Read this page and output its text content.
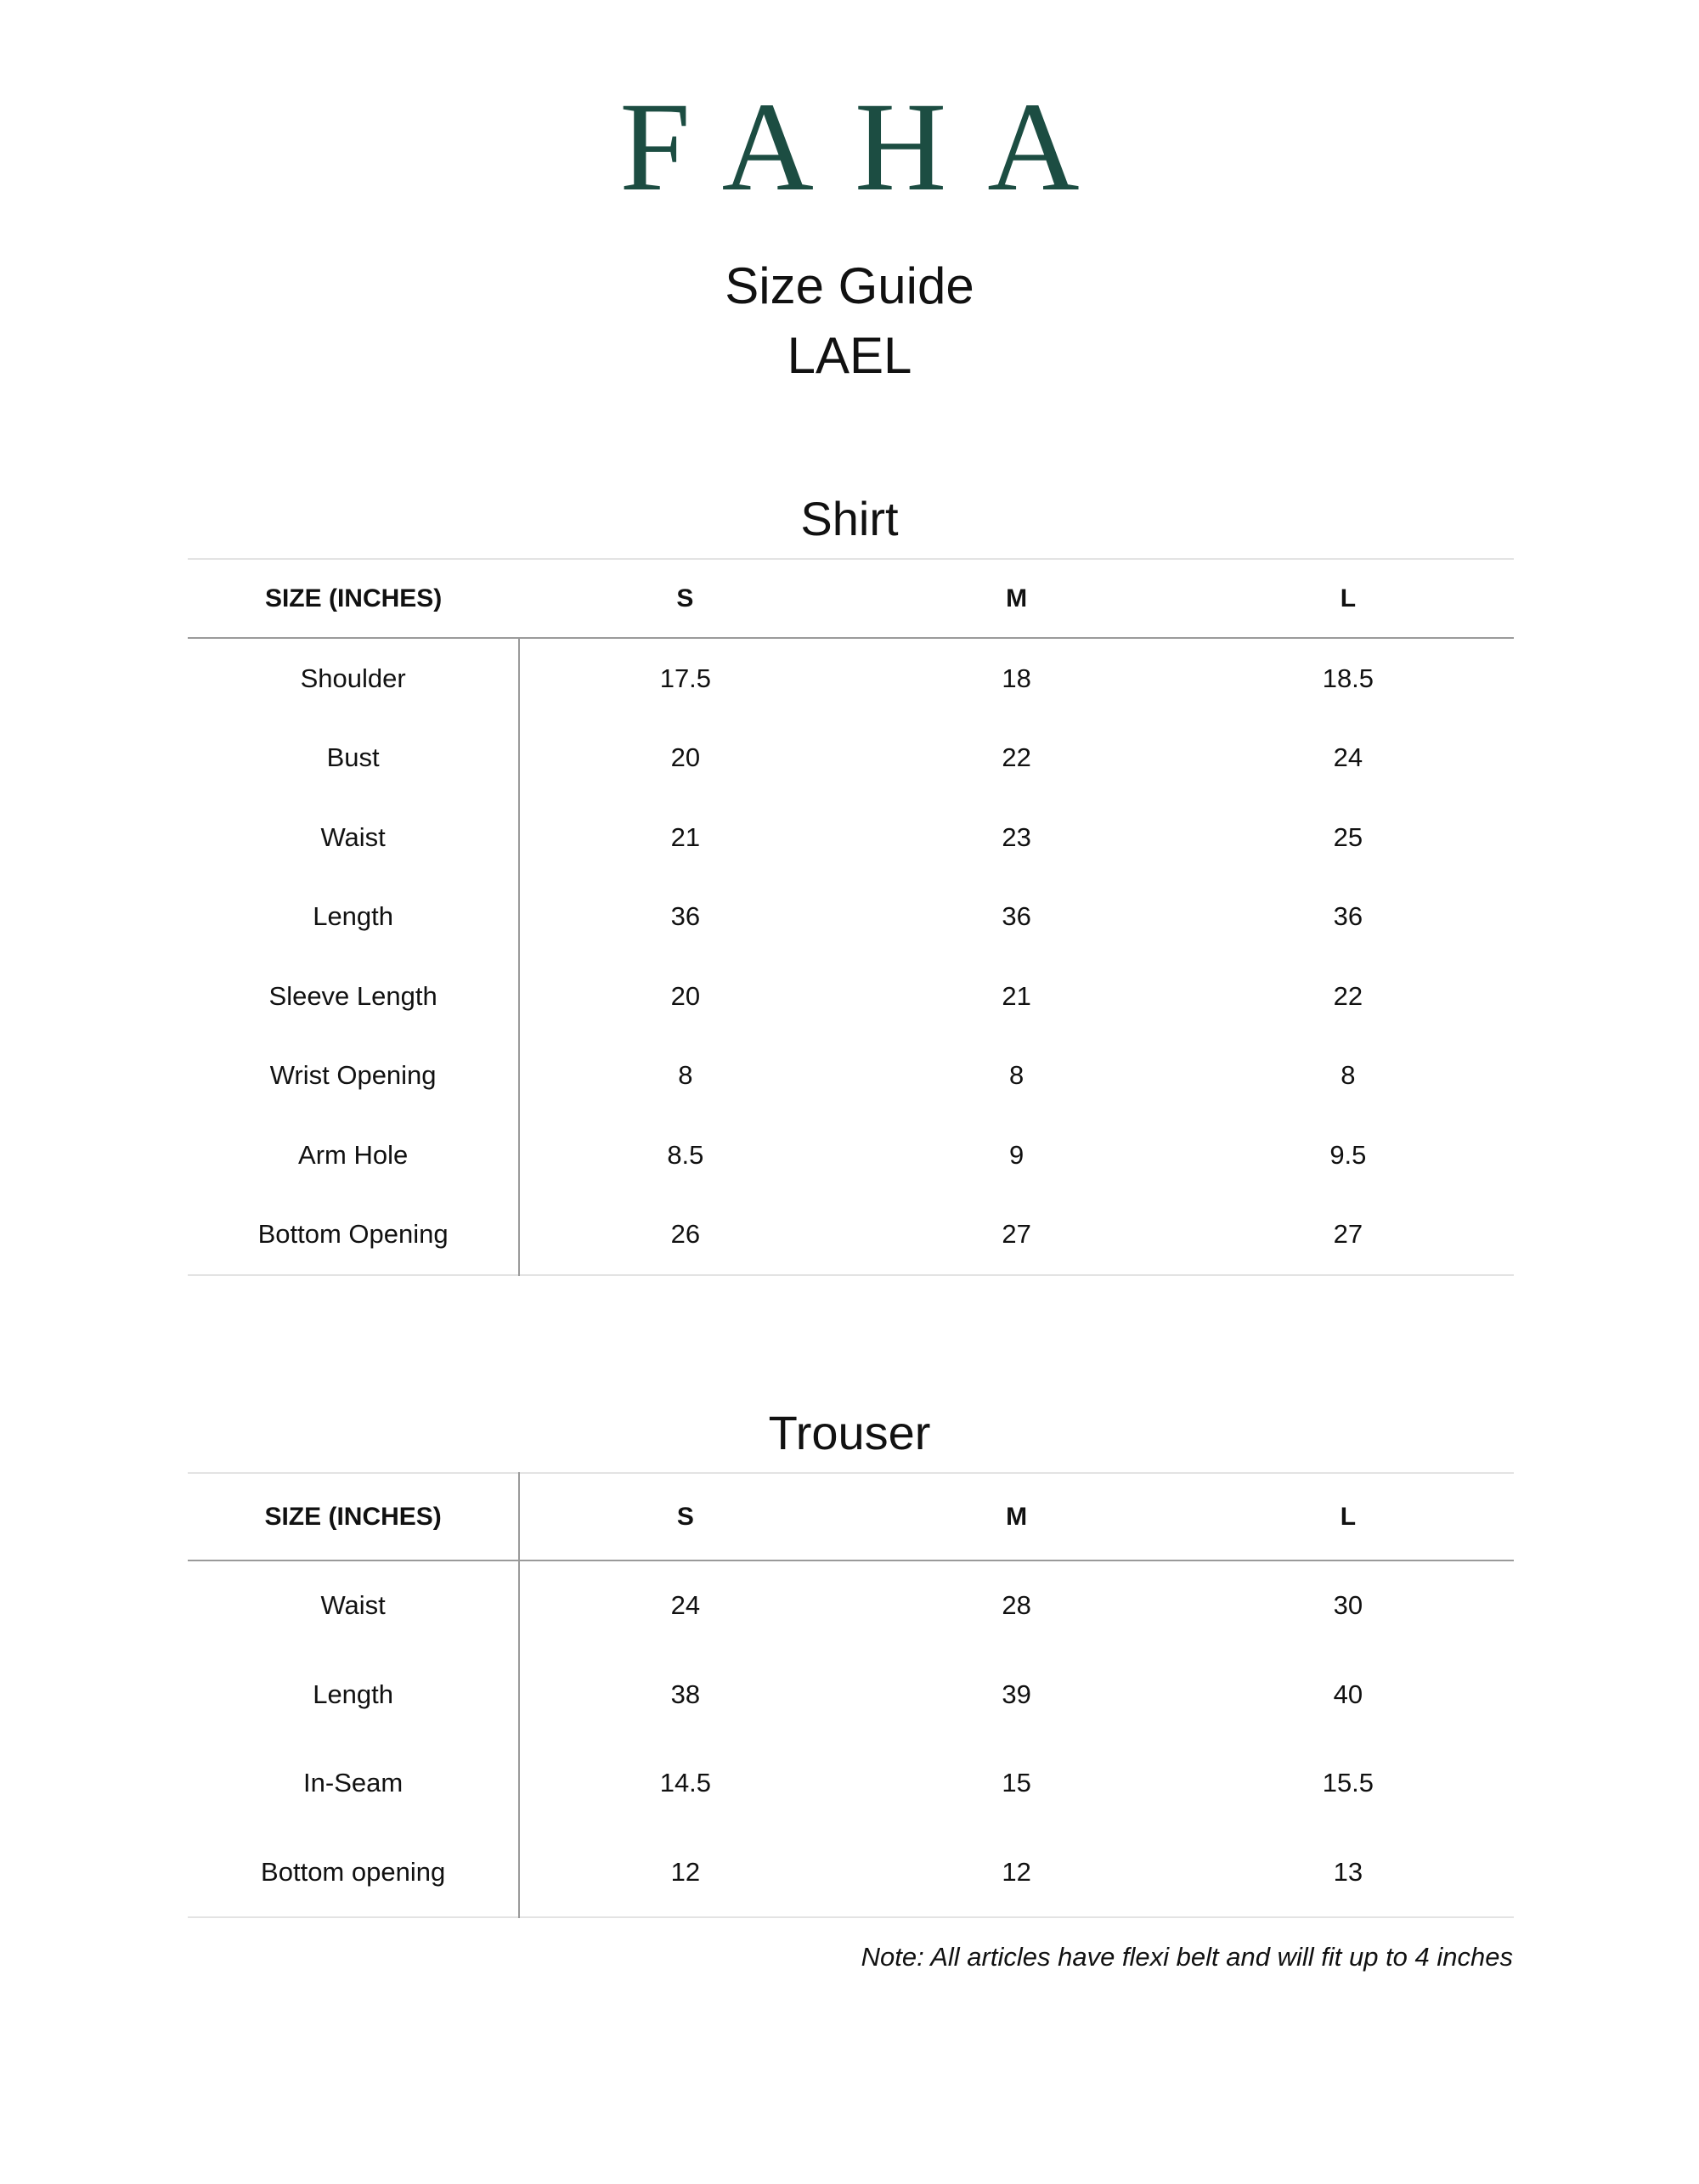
FAHA
Size Guide
LAEL
Shirt
SIZE (INCHES)	S	M	L
Shoulder	17.5	18	18.5
Bust	20	22	24
Waist	21	23	25
Length	36	36	36
Sleeve Length	20	21	22
Wrist Opening	8	8	8
Arm Hole	8.5	9	9.5
Bottom Opening	26	27	27
Trouser
SIZE (INCHES)	S	M	L
Waist	24	28	30
Length	38	39	40
In-Seam	14.5	15	15.5
Bottom opening	12	12	13
Note: All articles have flexi belt and will fit up to 4 inches
